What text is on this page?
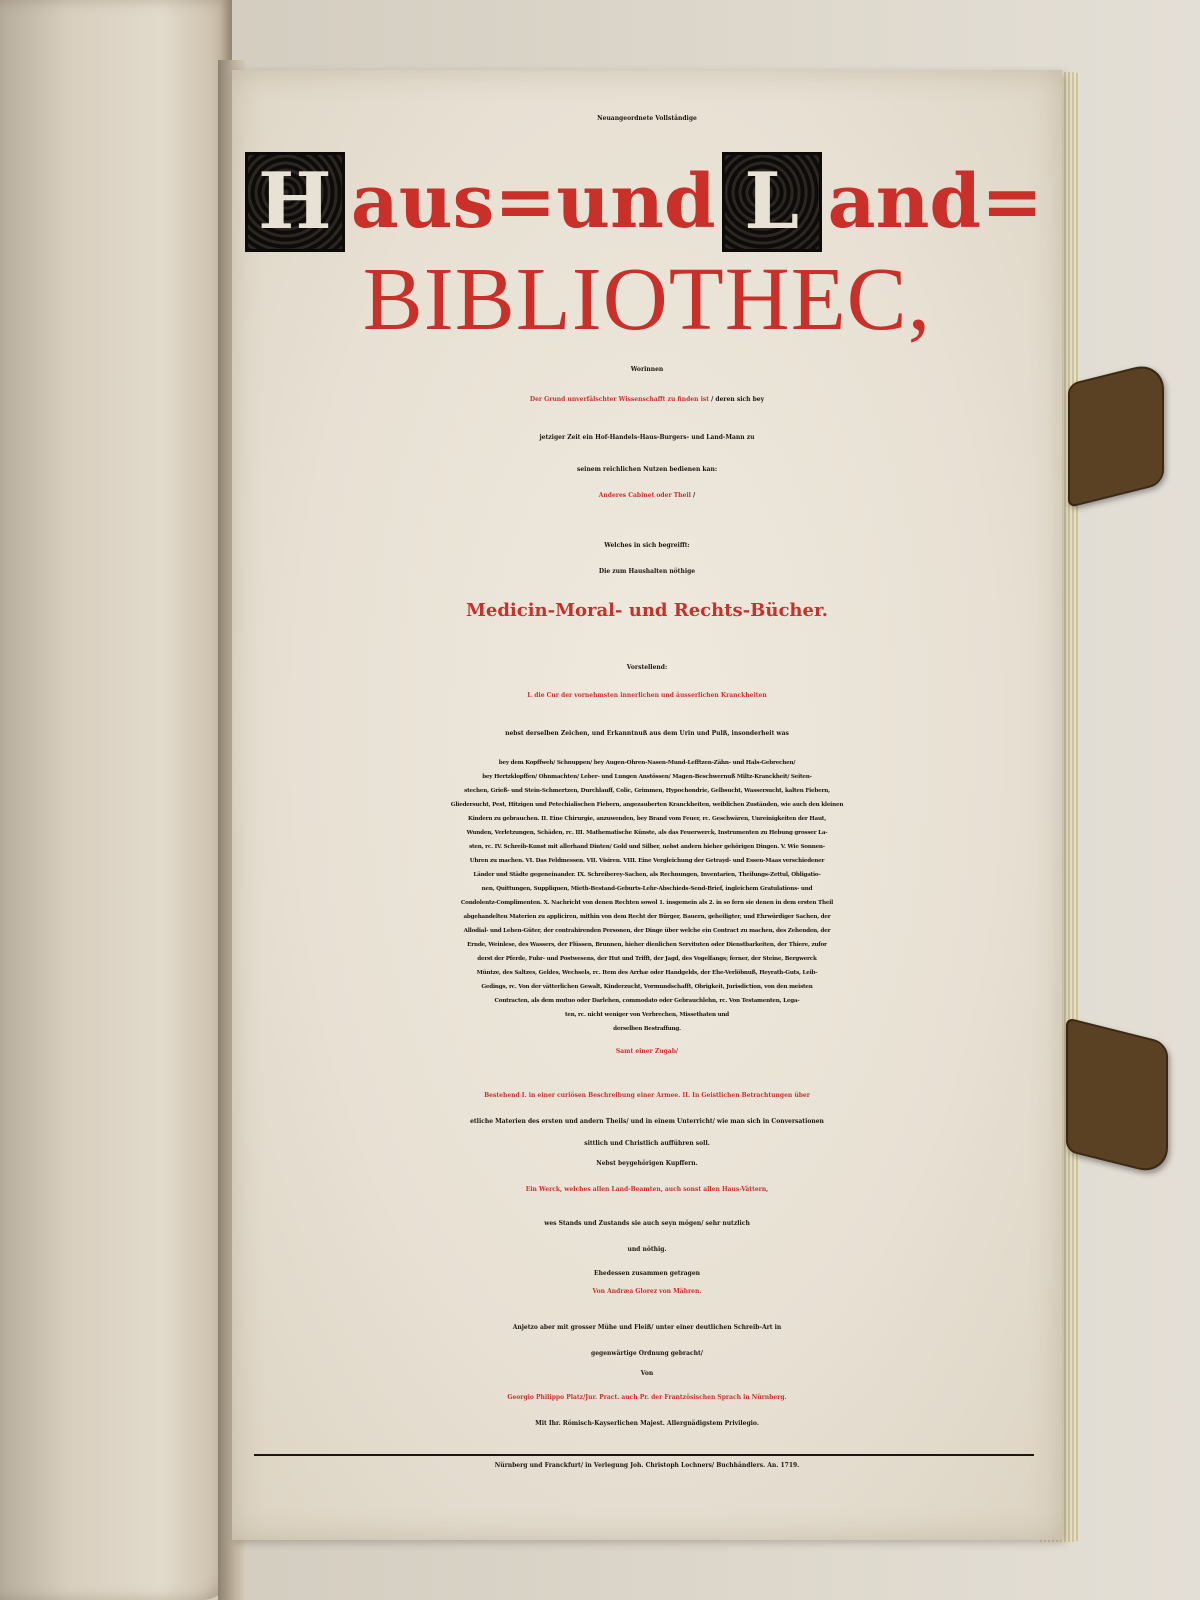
Neuangeordnete Vollständige
H aus=und L and=
BIBLIOTHEC,
Worinnen
Der Grund unverfälschter Wissenschafft zu finden ist / deren sich bey
jetziger Zeit ein Hof-Handels-Haus-Burgers- und Land-Mann zu
seinem reichlichen Nutzen bedienen kan:
Anderes Cabinet oder Theil /
Welches in sich begreifft:
Die zum Haushalten nöthige
Medicin-Moral- und Rechts-Bücher.
Vorstellend:
I. die Cur der vornehmsten innerlichen und äusserlichen Kranckheiten
nebst derselben Zeichen, und Erkanntnuß aus dem Urin und Pulß, insonderheit was
bey dem Kopffweh/ Schnuppen/ bey Augen-Ohren-Nasen-Mund-Lefftzen-Zähn- und Hals-Gebrechen/
bey Hertzklopffen/ Ohnmachten/ Leber- und Lungen Anstössen/ Magen-Beschwernuß Miltz-Kranckheit/ Seiten-
stechen, Grieß- und Stein-Schmertzen, Durchlauff, Colic, Grimmen, Hypochondrie, Gelbsucht, Wassersucht, kalten Fiebern,
Gliedersucht, Pest, Hitzigen und Petechialischen Fiebern, angezauberten Kranckheiten, weiblichen Zuständen, wie auch den kleinen
Kindern zu gebrauchen. II. Eine Chirurgie, anzuwenden, bey Brand vom Feuer, rc. Geschwären, Unreinigkeiten der Haut,
Wunden, Verletzungen, Schäden, rc. III. Mathematische Künste, als das Feuerwerck, Instrumenten zu Hebung grosser La-
sten, rc. IV. Schreib-Kunst mit allerhand Dinten/ Gold und Silber, nebst andern hieher gehörigen Dingen. V. Wie Sonnen-
Uhren zu machen. VI. Das Feldmessen. VII. Visiren. VIII. Eine Vergleichung der Getrayd- und Essen-Maas verschiedener
Länder und Städte gegeneinander. IX. Schreiberey-Sachen, als Rechnungen, Inventarien, Theilungs-Zettul, Obligatio-
nen, Quittungen, Suppliquen, Mieth-Bestand-Geburts-Lehr-Abschieds-Send-Brief, ingleichem Gratulations- und
Condolentz-Complimenten. X. Nachricht von denen Rechten sowol 1. insgemein als 2. in so fern sie denen in dem ersten Theil
abgehandelten Materien zu appliciren, mithin von dem Recht der Bürger, Bauern, geheiligter, und Ehrwürdiger Sachen, der
Allodial- und Lehen-Güter, der contrahirenden Personen, der Dinge über welche ein Contract zu machen, des Zehenden, der
Ernde, Weinlese, des Wassers, der Flüssen, Brunnen, hieher dienlichen Servituten oder Dienstbarkeiten, der Thiere, zufor
derst der Pferde, Fuhr- und Postwesens, der Hut und Trifft, der Jagd, des Vogelfangs; ferner, der Steine, Bergwerck
Müntze, des Saltzes, Geldes, Wechsels, rc. Item des Arrhæ oder Handgelds, der Ehe-Verlöbnuß, Heyrath-Guts, Leib-
Gedings, rc. Von der vätterlichen Gewalt, Kinderzucht, Vormundschafft, Obrigkeit, Jurisdiction, von den meisten
Contracten, als dem mutuo oder Darlehen, commodato oder Gebrauchlehn, rc. Von Testamenten, Lega-
ten, rc. nicht weniger von Verbrechen, Missethaten und
derselben Bestraffung.
Samt einer Zugab/
Bestehend I. in einer curiösen Beschreibung einer Armee. II. In Geistlichen Betrachtungen über
etliche Materien des ersten und andern Theils/ und in einem Unterricht/ wie man sich in Conversationen
sittlich und Christlich aufführen soll.
Nebst beygehörigen Kupffern.
Ein Werck, welches allen Land-Beamten, auch sonst allen Haus-Vättern,
wes Stands und Zustands sie auch seyn mögen/ sehr nutzlich
und nöthig.
Ehedessen zusammen getragen
Von Andræa Glorez von Mähren.
Anjetzo aber mit grosser Mühe und Fleiß/ unter einer deutlichen Schreib-Art in
gegenwärtige Ordnung gebracht/
Von
Georgio Philippo Platz/Jur. Pract. auch Pr. der Frantzösischen Sprach in Nürnberg.
Mit Ihr. Römisch-Kayserlichen Majest. Allergnädigstem Privilegio.
Nürnberg und Franckfurt/ in Verlegung Joh. Christoph Lochners/ Buchhändlers. An. 1719.
